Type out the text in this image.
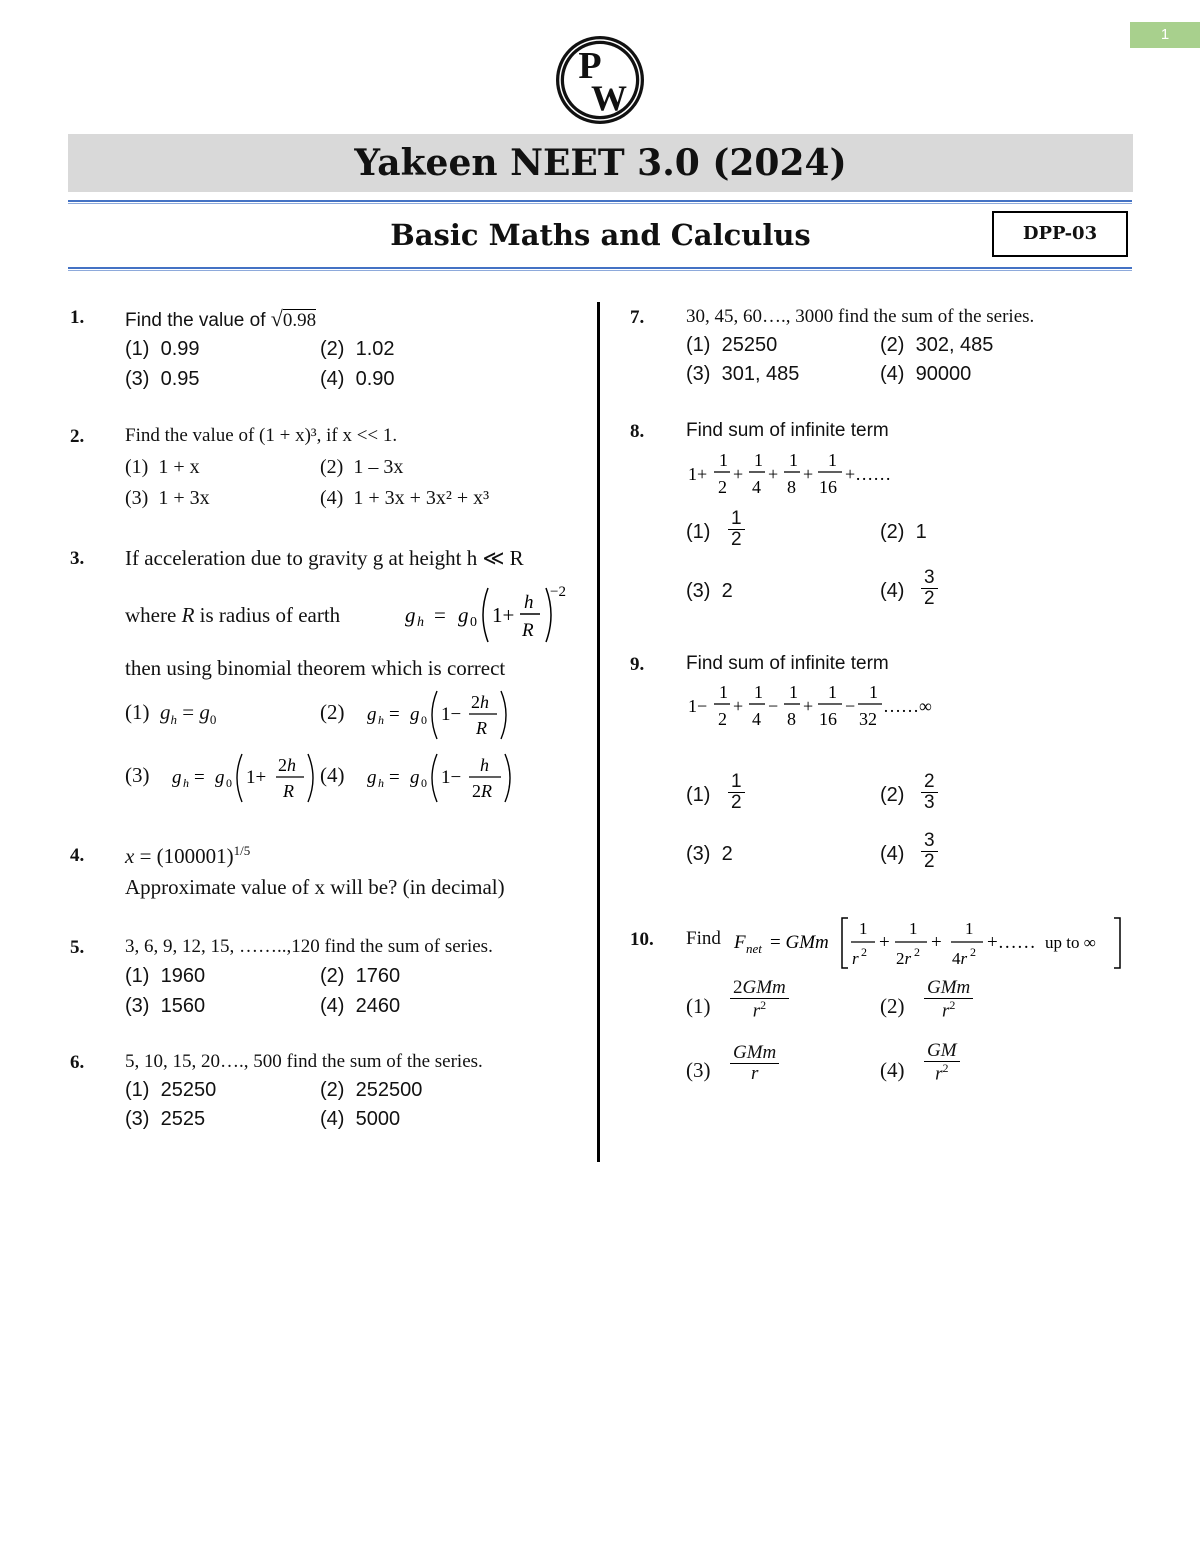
1
P
W
Yakeen NEET 3.0 (2024)
Basic Maths and Calculus	DPP-03
1. Find the value of √0.98
(1) 0.99	(2) 1.02
(3) 0.95	(4) 0.90
2. Find the value of (1 + x)³, if x << 1.
(1) 1 + x	(2) 1 – 3x
(3) 1 + 3x	(4) 1 + 3x + 3x² + x³
3. If acceleration due to gravity g at height h ≪ R
where R is radius of earth	g h = g 0 1+
h
R
−2
then using binomial theorem which is correct
(1) $g_h = g_0$	(2) g h = g 0 1−
2h
R
(3) g h = g 0 1+
2h
R
(4) g h = g 0 1−
h
2R
4. $x = (100001)^{1/5}$
Approximate value of x will be? (in decimal)
5. 3, 6, 9, 12, 15, ……..,120 find the sum of series.
(1) 1960	(2) 1760
(3) 1560	(4) 2460
6. 5, 10, 15, 20…., 500 find the sum of the series.
(1) 25250	(2) 252500
(3) 2525	(4) 5000
7. 30, 45, 60…., 3000 find the sum of the series.
(1) 25250	(2) 302, 485
(3) 301, 485	(4) 90000
8. Find sum of infinite term
1+
1
2
+
1
4
+
1
8
+
1
16
+……
$(1) \frac{1}{2}$	(2) 1
(3) 2	$(4) \frac{3}{2}$
9. Find sum of infinite term
1−
1
2
+
1
4
−
1
8
+
1
16
−
1
32
……∞
$(1) \frac{1}{2}$	$(2) \frac{2}{3}$
(3) 2	$(4) \frac{3}{2}$
10. Find F net = GMm
1
r 2 +
1
2r 2 +
1
4r 2 +…… up to ∞
$(1) \frac{\text{2GMm}}{r^2}$	$(2) \frac{\text{GMm}}{r^2}$
$(3) \frac{\text{GMm}}{r}$	$(4) \frac{GM}{r^2}$
